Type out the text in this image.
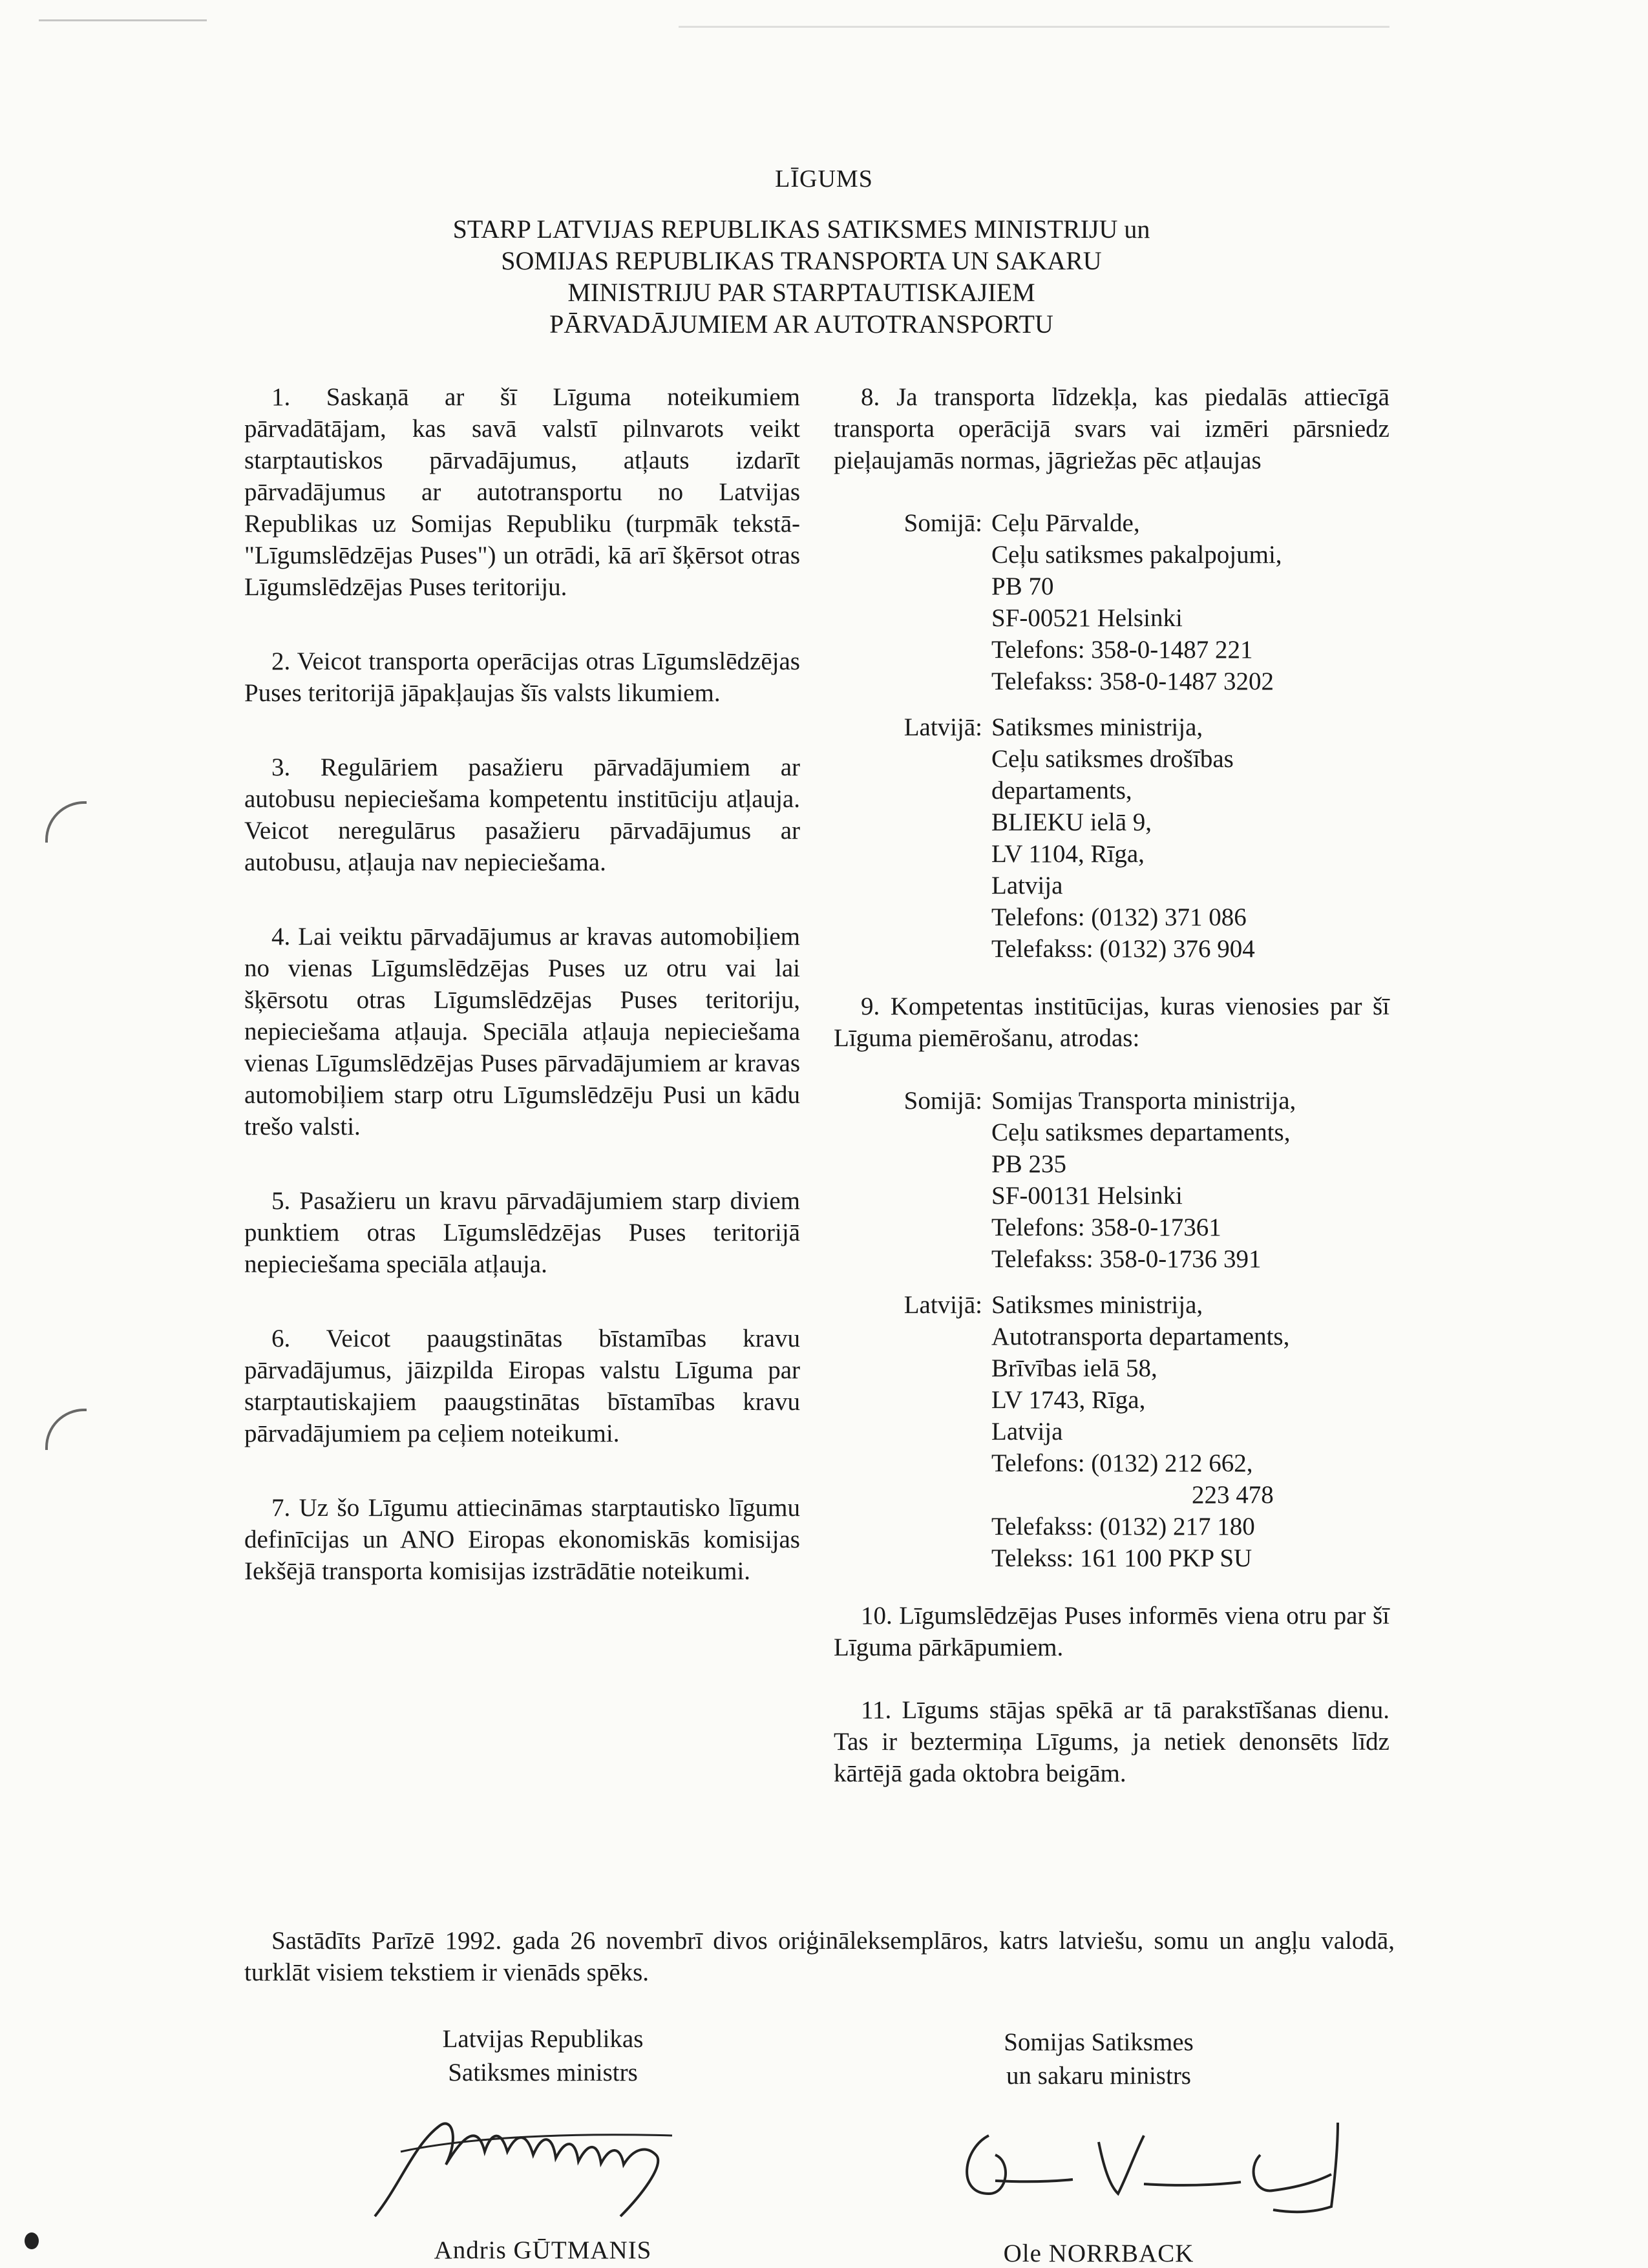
LĪGUMS
STARP LATVIJAS REPUBLIKAS SATIKSMES MINISTRIJU un
SOMIJAS REPUBLIKAS TRANSPORTA UN SAKARU
MINISTRIJU PAR STARPTAUTISKAJIEM
PĀRVADĀJUMIEM AR AUTOTRANSPORTU

1. Saskaņā ar šī Līguma noteikumiem pārvadātājam, kas savā valstī pilnvarots veikt starptautiskos pārvadājumus, atļauts izdarīt pārvadājumus ar autotransportu no Latvijas Republikas uz Somijas Republiku (turpmāk tekstā-"Līgumslēdzējas Puses") un otrādi, kā arī šķērsot otras Līgumslēdzējas Puses teritoriju.

2. Veicot transporta operācijas otras Līgumslēdzējas Puses teritorijā jāpakļaujas šīs valsts likumiem.

3. Regulāriem pasažieru pārvadājumiem ar autobusu nepieciešama kompetentu institūciju atļauja. Veicot neregulārus pasažieru pārvadājumus ar autobusu, atļauja nav nepieciešama.

4. Lai veiktu pārvadājumus ar kravas automobiļiem no vienas Līgumslēdzējas Puses uz otru vai lai šķērsotu otras Līgumslēdzējas Puses teritoriju, nepieciešama atļauja. Speciāla atļauja nepieciešama vienas Līgumslēdzējas Puses pārvadājumiem ar kravas automobiļiem starp otru Līgumslēdzēju Pusi un kādu trešo valsti.

5. Pasažieru un kravu pārvadājumiem starp diviem punktiem otras Līgumslēdzējas Puses teritorijā nepieciešama speciāla atļauja.

6. Veicot paaugstinātas bīstamības kravu pārvadājumus, jāizpilda Eiropas valstu Līguma par starptautiskajiem paaugstinātas bīstamības kravu pārvadājumiem pa ceļiem noteikumi.

7. Uz šo Līgumu attiecināmas starptautisko līgumu definīcijas un ANO Eiropas ekonomiskās komisijas Iekšējā transporta komisijas izstrādātie noteikumi.

8. Ja transporta līdzekļa, kas piedalās attiecīgā transporta operācijā svars vai izmēri pārsniedz pieļaujamās normas, jāgriežas pēc atļaujas

Somijā: Ceļu Pārvalde,
Ceļu satiksmes pakalpojumi,
PB 70
SF-00521 Helsinki
Telefons: 358-0-1487 221
Telefakss: 358-0-1487 3202
Latvijā: Satiksmes ministrija,
Ceļu satiksmes drošības
departaments,
BLIEKU ielā 9,
LV 1104, Rīga,
Latvija
Telefons: (0132) 371 086
Telefakss: (0132) 376 904

9. Kompetentas institūcijas, kuras vienosies par šī Līguma piemērošanu, atrodas:

Somijā: Somijas Transporta ministrija,
Ceļu satiksmes departaments,
PB 235
SF-00131 Helsinki
Telefons: 358-0-17361
Telefakss: 358-0-1736 391
Latvijā: Satiksmes ministrija,
Autotransporta departaments,
Brīvības ielā 58,
LV 1743, Rīga,
Latvija
Telefons: (0132) 212 662,
223 478
Telefakss: (0132) 217 180
Telekss: 161 100 PKP SU

10. Līgumslēdzējas Puses informēs viena otru par šī Līguma pārkāpumiem.

11. Līgums stājas spēkā ar tā parakstīšanas dienu. Tas ir beztermiņa Līgums, ja netiek denonsēts līdz kārtējā gada oktobra beigām.

Sastādīts Parīzē 1992. gada 26 novembrī divos oriģināleksemplāros, katrs latviešu, somu un angļu valodā, turklāt visiem tekstiem ir vienāds spēks.

Latvijas Republikas
Satiksmes ministrs
Somijas Satiksmes
un sakaru ministrs
Andris GŪTMANIS	Ole NORRBACK
